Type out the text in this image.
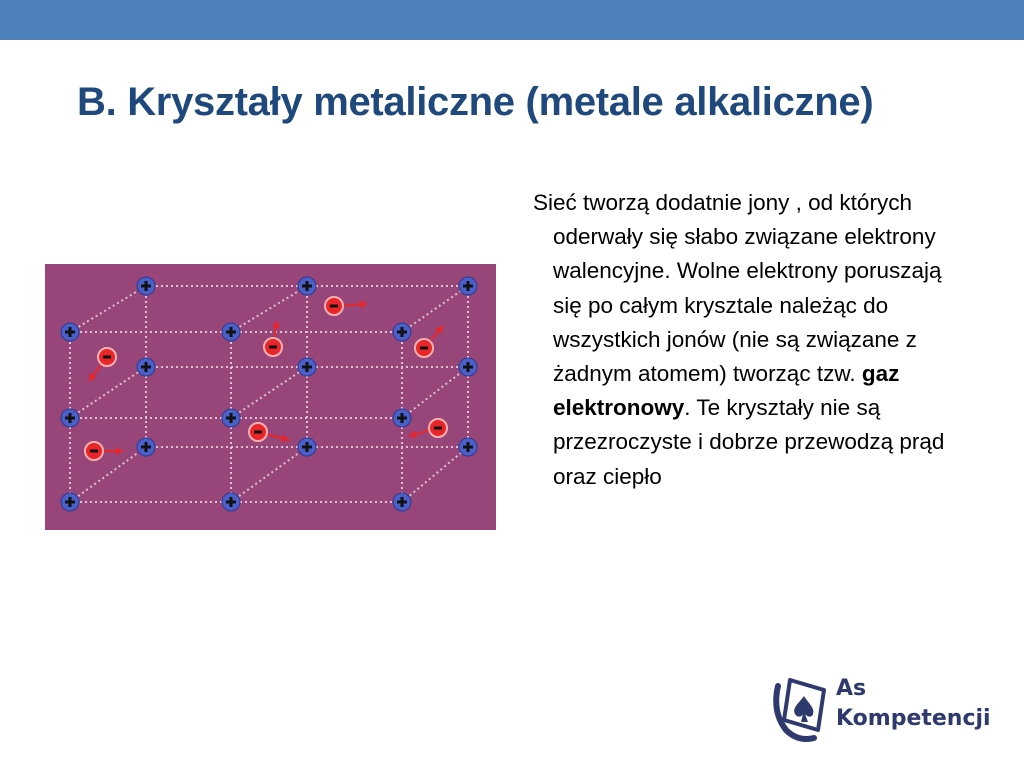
B. Kryształy metaliczne (metale alkaliczne)

Sieć tworzą dodatnie jony , od których oderwały się słabo związane elektrony walencyjne. Wolne elektrony poruszają się po całym krysztale należąc do wszystkich jonów (nie są związane z żadnym atomem) tworząc tzw. gaz elektronowy. Te kryształy nie są przezroczyste i dobrze przewodzą prąd oraz ciepło

As
Kompetencji
